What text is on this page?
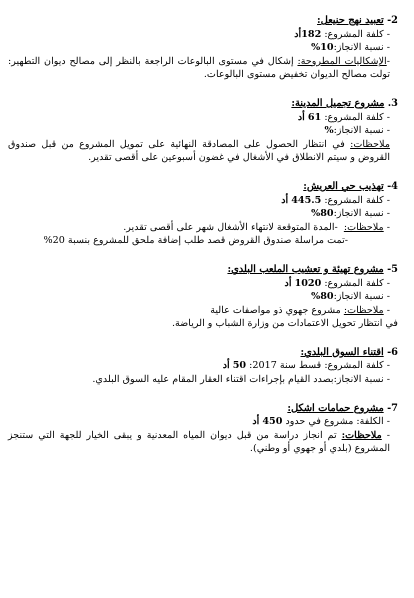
2- تعبيد نهج حنيعل:
- كلفة المشروع: 182أد
- نسبة الانجاز:10%
-الإشكاليات المطروحة: إشكال في مستوى البالوعات الراجعة بالنظر إلى مصالح ديوان التطهير: تولت مصالح الديوان تخفيض مستوى البالوعات.
3. مشروع تجميل المدينة:
- كلفة المشروع: 61 أد
- نسبة الانجاز:%
ملاحظات: في انتظار الحصول على المصادقة النهائية على تمويل المشروع من قبل صندوق القروض و سيتم الانطلاق في الأشغال في غضون أسبوعين على أقصى تقدير.
4- تهذيب حي العريش:
- كلفة المشروع: 445.5 أد
- نسبة الانجاز:80%
- ملاحظات:  -المدة المتوقعة لانتهاء الأشغال شهر على أقصى تقدير.
-تمت مراسلة صندوق القروض قصد طلب إضافة ملحق للمشروع بنسبة 20%
5- مشروع تهيئة و تعشيب الملعب البلدي:
- كلفة المشروع: 1020 أد
- نسبة الانجاز:80%
- ملاحظات: مشروع جهوي ذو مواصفات عالية
في انتظار تحويل الاعتمادات من وزارة الشباب و الرياضة.
6- اقتناء السوق البلدي:
- كلفة المشروع: قسط سنة 2017: 50 أد
- نسبة الانجاز:بصدد القيام بإجراءات اقتناء العقار المقام عليه السوق البلدي.
7- مشروع حمامات اشكل:
- الكلفة: مشروع في حدود 450 أد
- ملاحظات: تم انجاز دراسة من قبل ديوان المياه المعدنية و يبقى الخيار للجهة التي ستنجز المشروع (بلدي أو جهوي أو وطني).
